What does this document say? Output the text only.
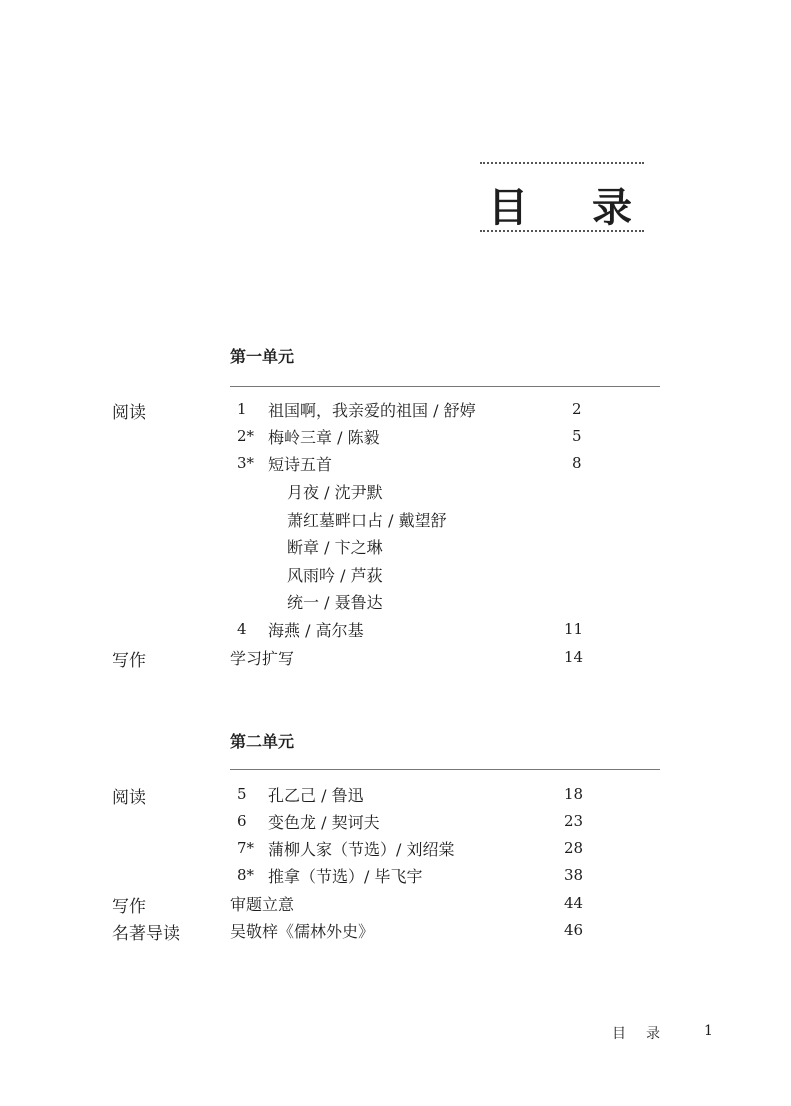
目 录
第一单元
阅读	1 祖国啊，我亲爱的祖国 / 舒婷	2
2* 梅岭三章 / 陈毅	5
3* 短诗五首	8
月夜 / 沈尹默
萧红墓畔口占 / 戴望舒
断章 / 卞之琳
风雨吟 / 芦荻
统一 / 聂鲁达
4 海燕 / 高尔基	11
写作	学习扩写	14
第二单元
阅读	5 孔乙己 / 鲁迅	18
6 变色龙 / 契诃夫	23
7* 蒲柳人家（节选）/ 刘绍棠	28
8* 推拿（节选）/ 毕飞宇	38
写作	审题立意	44
名著导读	吴敬梓《儒林外史》	46
目 录	1
